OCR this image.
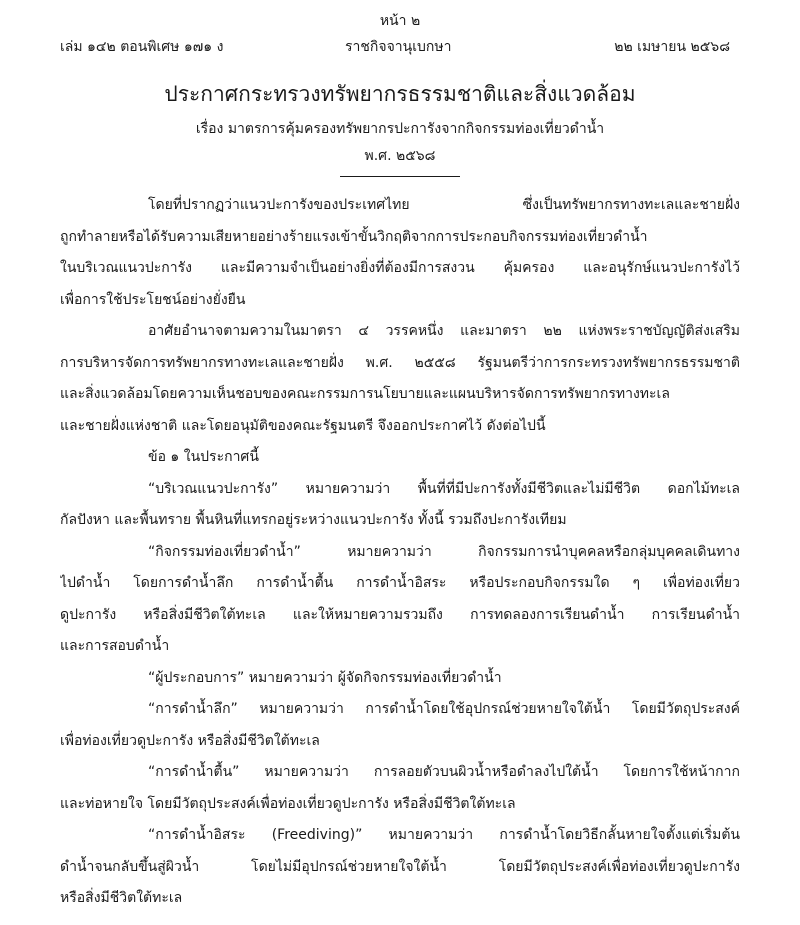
หน้า ๒
เล่ม ๑๔๒ ตอนพิเศษ ๑๗๑ ง	ราชกิจจานุเบกษา	๒๒ เมษายน ๒๕๖๘
ประกาศกระทรวงทรัพยากรธรรมชาติและสิ่งแวดล้อม
เรื่อง มาตรการคุ้มครองทรัพยากรปะการังจากกิจกรรมท่องเที่ยวดำน้ำ
พ.ศ. ๒๕๖๘
โดยที่ปรากฏว่าแนวปะการังของประเทศไทย ซึ่งเป็นทรัพยากรทางทะเลและชายฝั่ง
ถูกทำลายหรือได้รับความเสียหายอย่างร้ายแรงเข้าขั้นวิกฤติจากการประกอบกิจกรรมท่องเที่ยวดำน้ำ
ในบริเวณแนวปะการัง และมีความจำเป็นอย่างยิ่งที่ต้องมีการสงวน คุ้มครอง และอนุรักษ์แนวปะการังไว้
เพื่อการใช้ประโยชน์อย่างยั่งยืน
อาศัยอำนาจตามความในมาตรา ๔ วรรคหนึ่ง และมาตรา ๒๒ แห่งพระราชบัญญัติส่งเสริม
การบริหารจัดการทรัพยากรทางทะเลและชายฝั่ง พ.ศ. ๒๕๕๘ รัฐมนตรีว่าการกระทรวงทรัพยากรธรรมชาติ
และสิ่งแวดล้อมโดยความเห็นชอบของคณะกรรมการนโยบายและแผนบริหารจัดการทรัพยากรทางทะเล
และชายฝั่งแห่งชาติ และโดยอนุมัติของคณะรัฐมนตรี จึงออกประกาศไว้ ดังต่อไปนี้
ข้อ ๑ ในประกาศนี้
“บริเวณแนวปะการัง” หมายความว่า พื้นที่ที่มีปะการังทั้งมีชีวิตและไม่มีชีวิต ดอกไม้ทะเล
กัลปังหา และพื้นทราย พื้นหินที่แทรกอยู่ระหว่างแนวปะการัง ทั้งนี้ รวมถึงปะการังเทียม
“กิจกรรมท่องเที่ยวดำน้ำ” หมายความว่า กิจกรรมการนำบุคคลหรือกลุ่มบุคคลเดินทาง
ไปดำน้ำ โดยการดำน้ำลึก การดำน้ำตื้น การดำน้ำอิสระ หรือประกอบกิจกรรมใด ๆ เพื่อท่องเที่ยว
ดูปะการัง หรือสิ่งมีชีวิตใต้ทะเล และให้หมายความรวมถึง การทดลองการเรียนดำน้ำ การเรียนดำน้ำ
และการสอบดำน้ำ
“ผู้ประกอบการ” หมายความว่า ผู้จัดกิจกรรมท่องเที่ยวดำน้ำ
“การดำน้ำลึก” หมายความว่า การดำน้ำโดยใช้อุปกรณ์ช่วยหายใจใต้น้ำ โดยมีวัตถุประสงค์
เพื่อท่องเที่ยวดูปะการัง หรือสิ่งมีชีวิตใต้ทะเล
“การดำน้ำตื้น” หมายความว่า การลอยตัวบนผิวน้ำหรือดำลงไปใต้น้ำ โดยการใช้หน้ากาก
และท่อหายใจ โดยมีวัตถุประสงค์เพื่อท่องเที่ยวดูปะการัง หรือสิ่งมีชีวิตใต้ทะเล
“การดำน้ำอิสระ (Freediving)” หมายความว่า การดำน้ำโดยวิธีกลั้นหายใจตั้งแต่เริ่มต้น
ดำน้ำจนกลับขึ้นสู่ผิวน้ำ โดยไม่มีอุปกรณ์ช่วยหายใจใต้น้ำ โดยมีวัตถุประสงค์เพื่อท่องเที่ยวดูปะการัง
หรือสิ่งมีชีวิตใต้ทะเล
